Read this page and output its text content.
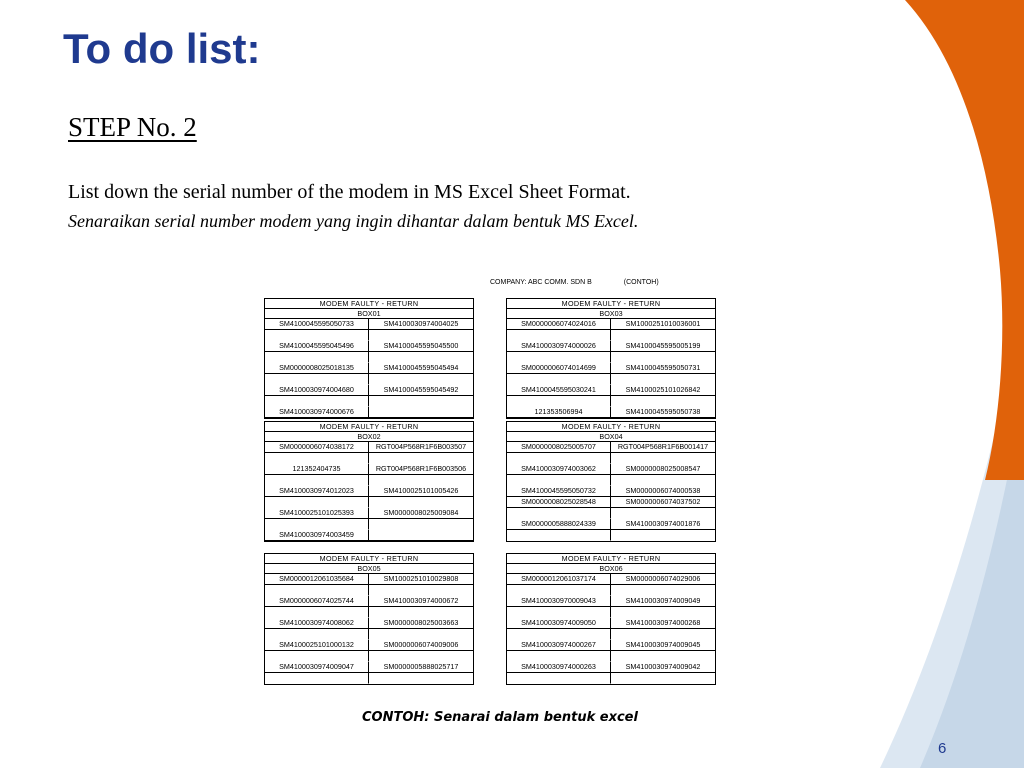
To do list:
STEP No. 2
List down the serial number of the modem in MS Excel Sheet Format.
Senaraikan serial number modem yang ingin dihantar dalam bentuk MS Excel.
COMPANY: ABC COMM. SDN B	(CONTOH)
MODEM FAULTY - RETURN
BOX01
SM4100045595050733	SM4100030974004025
SM4100045595045496	SM4100045595045500
SM0000008025018135	SM4100045595045494
SM4100030974004680	SM4100045595045492
SM4100030974000676
MODEM FAULTY - RETURN
BOX03
SM0000006074024016	SM1000251010036001
SM4100030974000026	SM4100045595005199
SM0000006074014699	SM4100045595050731
SM4100045595030241	SM4100025101026842
121353506994	SM4100045595050738
MODEM FAULTY - RETURN
BOX02
SM0000006074038172	RGT004P568R1F6B003507
121352404735	RGT004P568R1F6B003506
SM4100030974012023	SM4100025101005426
SM4100025101025393	SM0000008025009084
SM4100030974003459
MODEM FAULTY - RETURN
BOX04
SM0000008025005707	RGT004P568R1F6B001417
SM4100030974003062	SM0000008025008547
SM4100045595050732	SM0000006074000538
SM0000008025028548	SM0000006074037502
SM0000005888024339	SM4100030974001876
MODEM FAULTY - RETURN
BOX05
SM0000012061035684	SM1000251010029808
SM0000006074025744	SM4100030974000672
SM4100030974008062	SM0000008025003663
SM4100025101000132	SM0000006074009006
SM4100030974009047	SM0000005888025717
MODEM FAULTY - RETURN
BOX06
SM0000012061037174	SM0000006074029006
SM4100030970009043	SM4100030974009049
SM4100030974009050	SM4100030974000268
SM4100030974000267	SM4100030974009045
SM4100030974000263	SM4100030974009042
CONTOH: Senarai dalam bentuk excel
6
